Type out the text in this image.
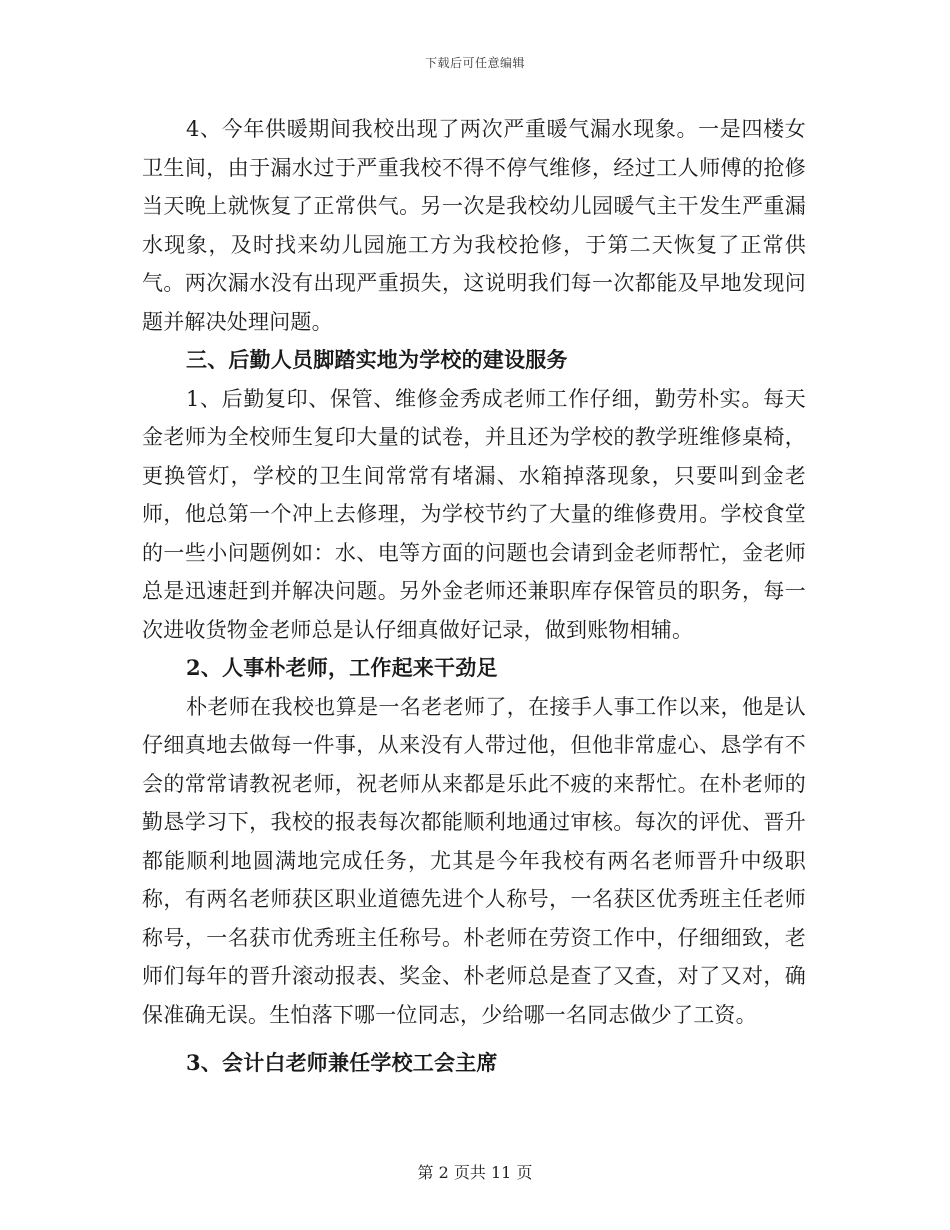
下载后可任意编辑

4、今年供暖期间我校出现了两次严重暖气漏水现象。一是四楼女卫生间，由于漏水过于严重我校不得不停气维修，经过工人师傅的抢修当天晚上就恢复了正常供气。另一次是我校幼儿园暖气主干发生严重漏水现象，及时找来幼儿园施工方为我校抢修，于第二天恢复了正常供气。两次漏水没有出现严重损失，这说明我们每一次都能及早地发现问题并解决处理问题。

三、后勤人员脚踏实地为学校的建设服务

1、后勤复印、保管、维修金秀成老师工作仔细，勤劳朴实。每天金老师为全校师生复印大量的试卷，并且还为学校的教学班维修桌椅，更换管灯，学校的卫生间常常有堵漏、水箱掉落现象，只要叫到金老师，他总第一个冲上去修理，为学校节约了大量的维修费用。学校食堂的一些小问题例如：水、电等方面的问题也会请到金老师帮忙，金老师总是迅速赶到并解决问题。另外金老师还兼职库存保管员的职务，每一次进收货物金老师总是认仔细真做好记录，做到账物相辅。

2、人事朴老师，工作起来干劲足

朴老师在我校也算是一名老老师了，在接手人事工作以来，他是认仔细真地去做每一件事，从来没有人带过他，但他非常虚心、恳学有不会的常常请教祝老师，祝老师从来都是乐此不疲的来帮忙。在朴老师的勤恳学习下，我校的报表每次都能顺利地通过审核。每次的评优、晋升都能顺利地圆满地完成任务，尤其是今年我校有两名老师晋升中级职称，有两名老师获区职业道德先进个人称号，一名获区优秀班主任老师称号，一名获市优秀班主任称号。朴老师在劳资工作中，仔细细致，老师们每年的晋升滚动报表、奖金、朴老师总是查了又查，对了又对，确保准确无误。生怕落下哪一位同志，少给哪一名同志做少了工资。

3、会计白老师兼任学校工会主席

第 2 页共 11 页
